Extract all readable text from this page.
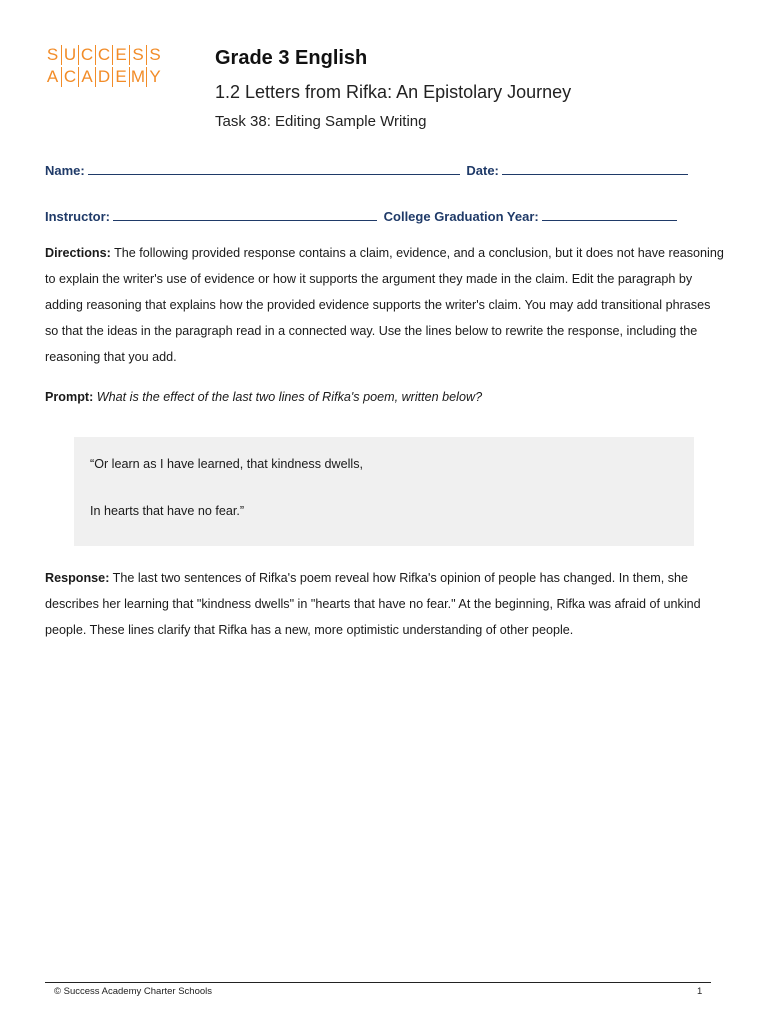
S U C C E S S
A C A D E M Y
Grade 3 English
1.2 Letters from Rifka: An Epistolary Journey
Task 38: Editing Sample Writing
Name:	Date:
Instructor:	College Graduation Year:
Directions: The following provided response contains a claim, evidence, and a conclusion, but it does not have reasoning to explain the writer's use of evidence or how it supports the argument they made in the claim. Edit the paragraph by adding reasoning that explains how the provided evidence supports the writer's claim. You may add transitional phrases so that the ideas in the paragraph read in a connected way. Use the lines below to rewrite the response, including the reasoning that you add.
Prompt: What is the effect of the last two lines of Rifka's poem, written below?
“Or learn as I have learned, that kindness dwells,
In hearts that have no fear.”
Response: The last two sentences of Rifka's poem reveal how Rifka's opinion of people has changed. In them, she describes her learning that "kindness dwells" in "hearts that have no fear." At the beginning, Rifka was afraid of unkind people. These lines clarify that Rifka has a new, more optimistic understanding of other people.
© Success Academy Charter Schools	1
